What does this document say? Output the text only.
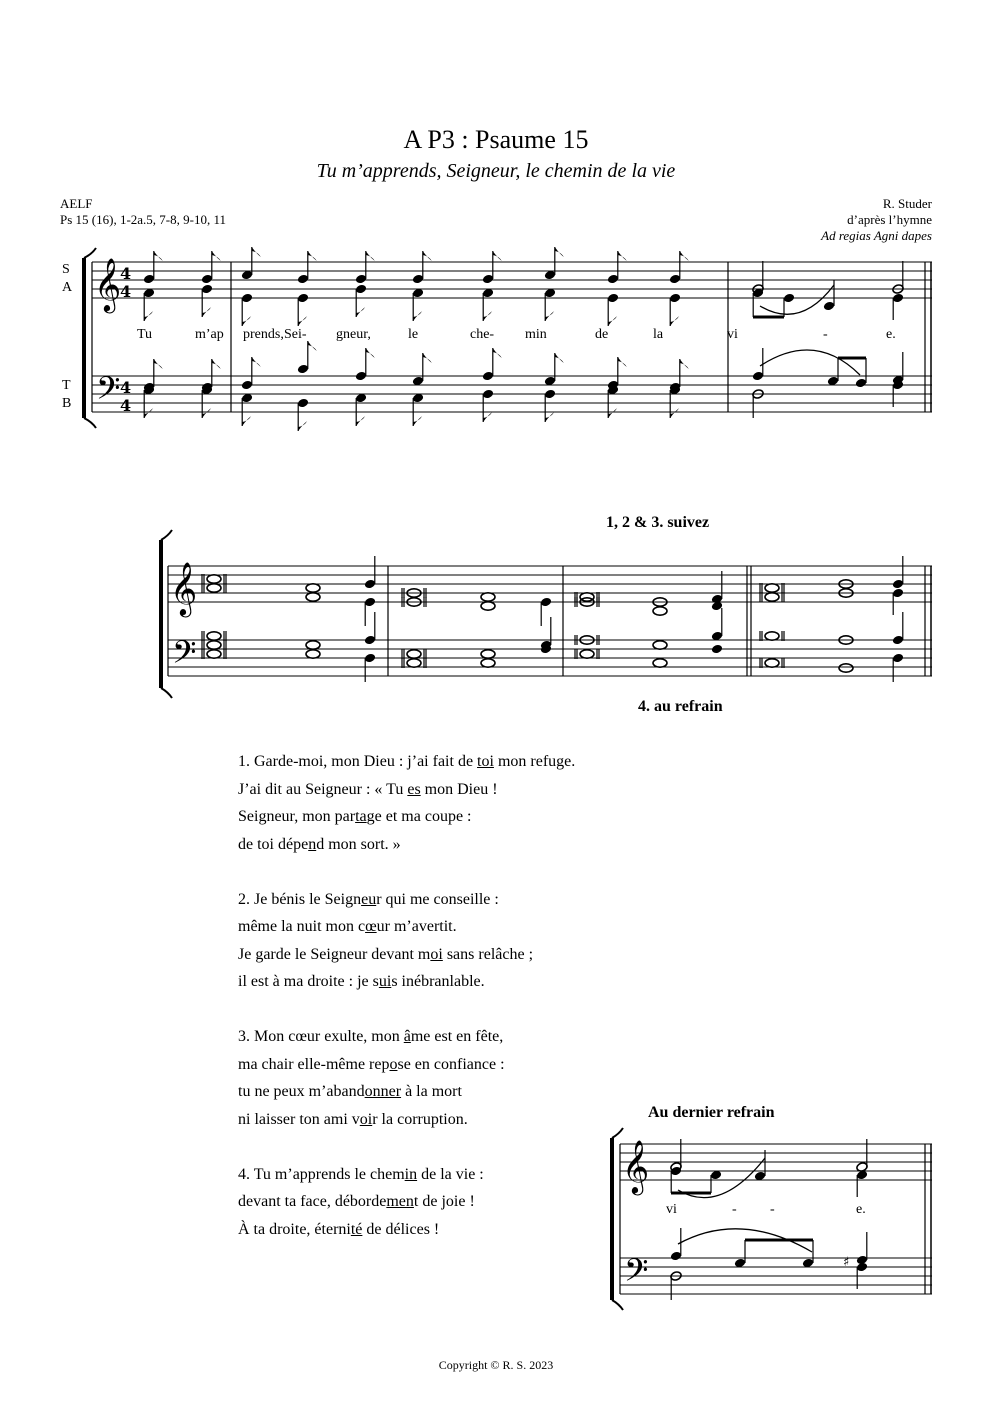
A P3 : Psaume 15
Tu m’apprends, Seigneur, le chemin de la vie
AELF
Ps 15 (16), 1-2a.5, 7-8, 9-10, 11
R. Studer
d’après l’hymne
Ad regias Agni dapes
𝄞
𝄢
4
4
4
4
𝄞
𝄢
𝄞
𝄢	♯
S
A
T
B
Tu	m’ap prends, Sei- gneur,	le	che- min	de	la	vi	-	e.
1, 2 & 3. suivez
4. au refrain
1. Garde-moi, mon Dieu : j’ai fait de toi mon refuge.
J’ai dit au Seigneur : « Tu es mon Dieu !
Seigneur, mon partage et ma coupe :
de toi dépend mon sort. »
2. Je bénis le Seigneur qui me conseille :
même la nuit mon cœur m’avertit.
Je garde le Seigneur devant moi sans relâche ;
il est à ma droite : je suis inébranlable.
3. Mon cœur exulte, mon âme est en fête,
ma chair elle-même repose en confiance :
tu ne peux m’abandonner à la mort
ni laisser ton ami voir la corruption.
4. Tu m’apprends le chemin de la vie :
devant ta face, débordement de joie !
À ta droite, éternité de délices !
Au dernier refrain
vi	- -	e.
Copyright © R. S. 2023
